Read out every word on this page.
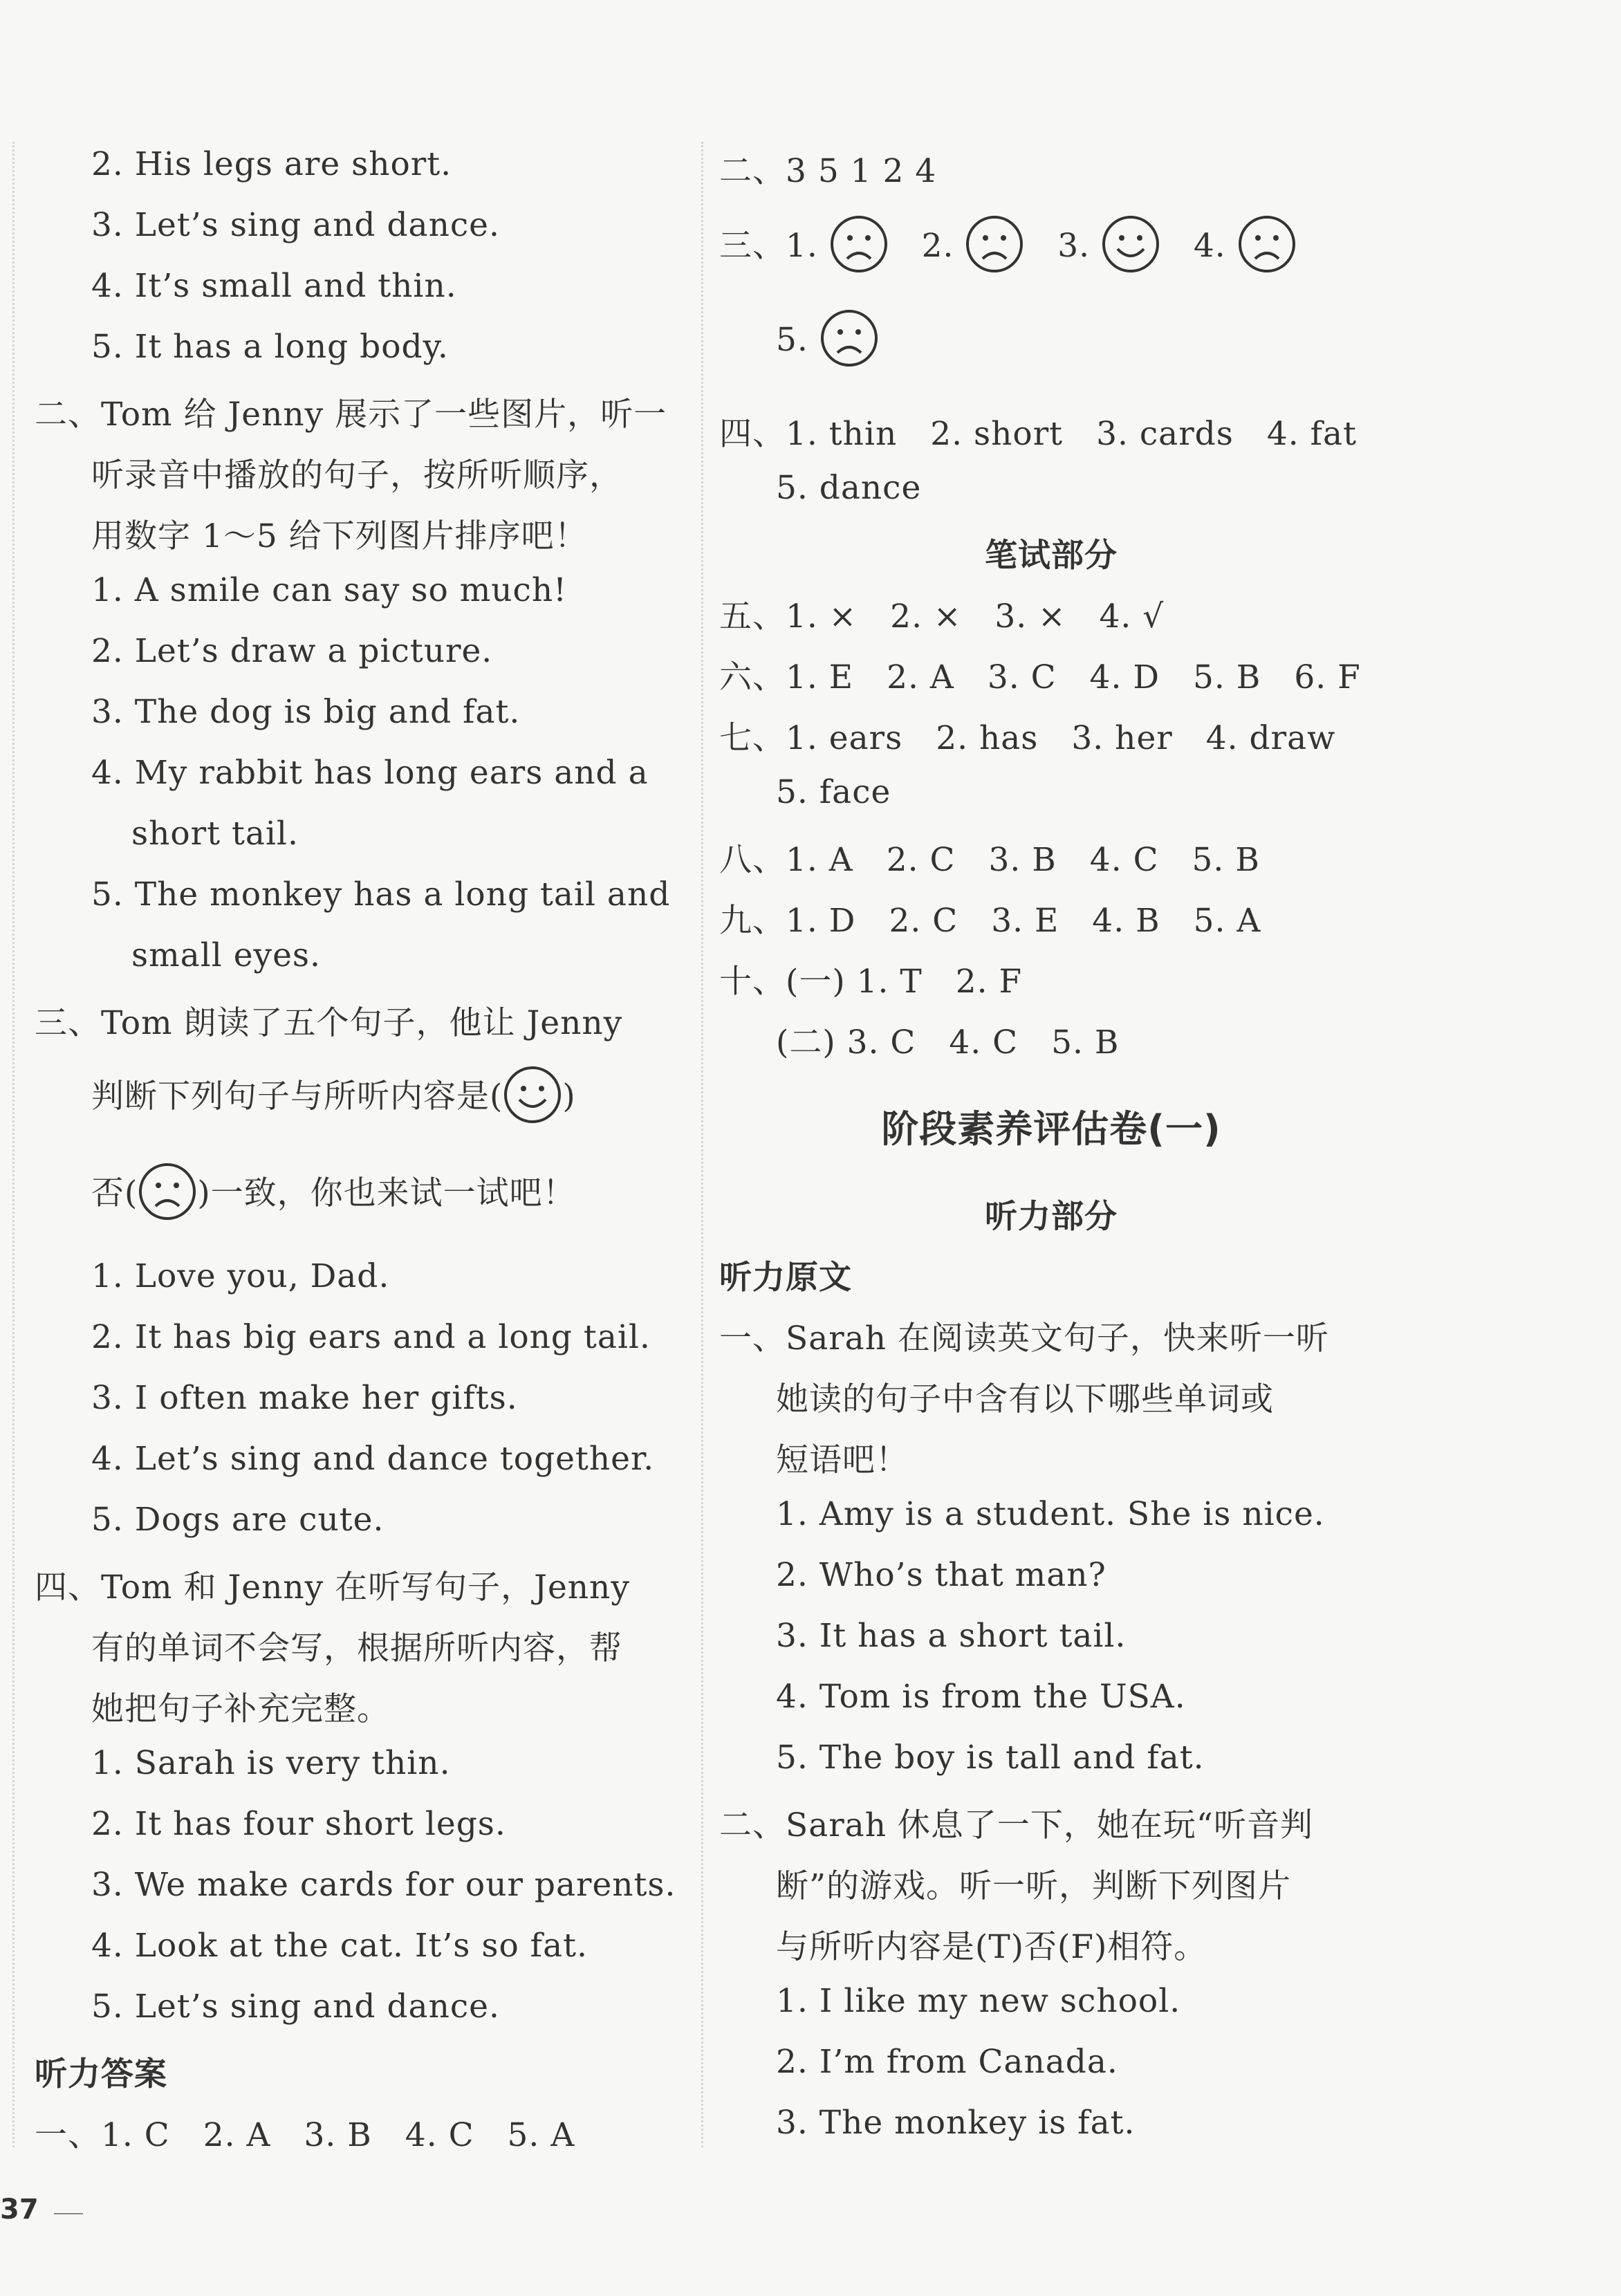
2. His legs are short.
3. Let’s sing and dance.
4. It’s small and thin.
5. It has a long body.
二、Tom 给 Jenny 展示了一些图片，听一
听录音中播放的句子，按所听顺序，
用数字 1～5 给下列图片排序吧！
1. A smile can say so much!
2. Let’s draw a picture.
3. The dog is big and fat.
4. My rabbit has long ears and a
short tail.
5. The monkey has a long tail and
small eyes.
三、Tom 朗读了五个句子，他让 Jenny
判断下列句子与所听内容是( )
否( )一致，你也来试一试吧！
1. Love you, Dad.
2. It has big ears and a long tail.
3. I often make her gifts.
4. Let’s sing and dance together.
5. Dogs are cute.
四、Tom 和 Jenny 在听写句子，Jenny
有的单词不会写，根据所听内容，帮
她把句子补充完整。
1. Sarah is very thin.
2. It has four short legs.
3. We make cards for our parents.
4. Look at the cat. It’s so fat.
5. Let’s sing and dance.
听力答案
一、1. C　2. A　3. B　4. C　5. A
二、3 5 1 2 4
三、1.	2.	3.	4.
5.
四、1. thin　2. short　3. cards　4. fat
5. dance
笔试部分
五、1. ×　2. ×　3. ×　4. √
六、1. E　2. A　3. C　4. D　5. B　6. F
七、1. ears　2. has　3. her　4. draw
5. face
八、1. A　2. C　3. B　4. C　5. B
九、1. D　2. C　3. E　4. B　5. A
十、(一) 1. T　2. F
(二) 3. C　4. C　5. B
阶段素养评估卷(一)
听力部分
听力原文
一、Sarah 在阅读英文句子，快来听一听
她读的句子中含有以下哪些单词或
短语吧！
1. Amy is a student. She is nice.
2. Who’s that man?
3. It has a short tail.
4. Tom is from the USA.
5. The boy is tall and fat.
二、Sarah 休息了一下，她在玩“听音判
断”的游戏。听一听，判断下列图片
与所听内容是(T)否(F)相符。
1. I like my new school.
2. I’m from Canada.
3. The monkey is fat.
37
